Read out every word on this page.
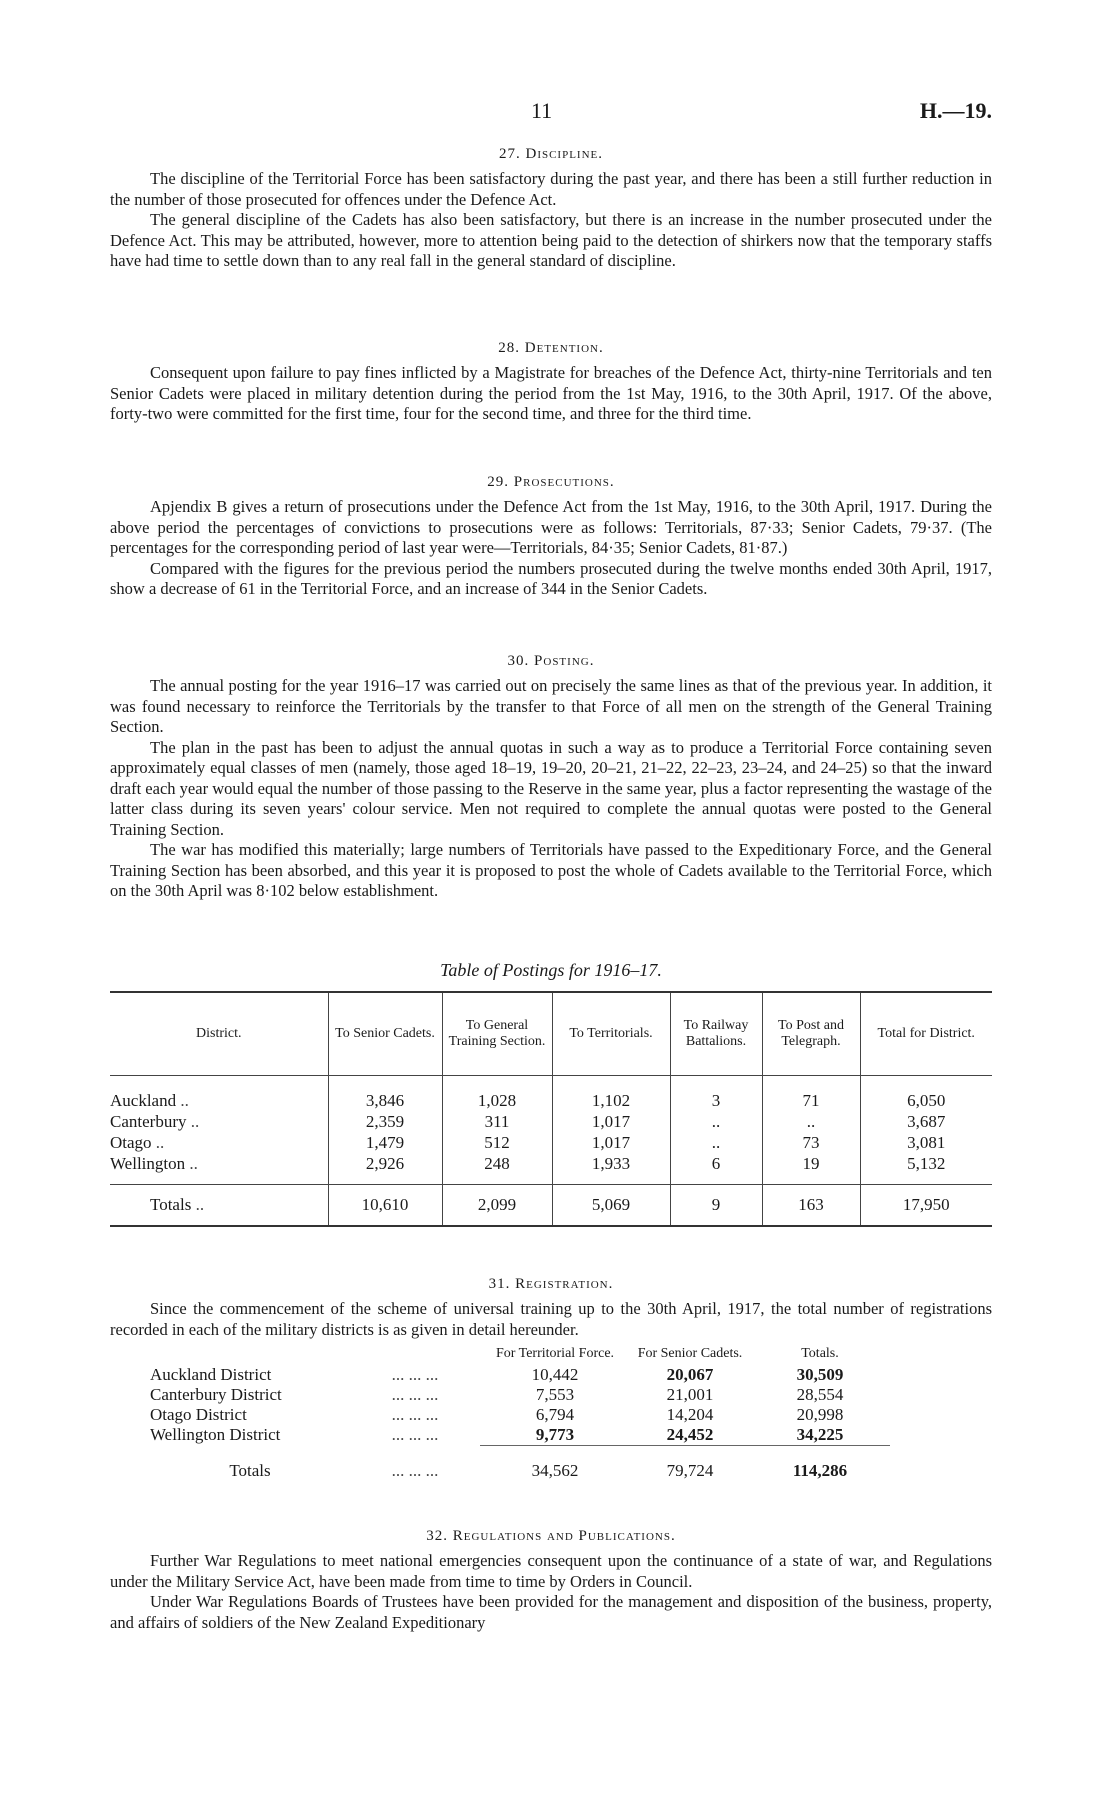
11	H.—19.
27. Discipline.

The discipline of the Territorial Force has been satisfactory during the past year, and there has been a still further reduction in the number of those prosecuted for offences under the Defence Act.

The general discipline of the Cadets has also been satisfactory, but there is an increase in the number prosecuted under the Defence Act. This may be attributed, however, more to attention being paid to the detection of shirkers now that the temporary staffs have had time to settle down than to any real fall in the general standard of discipline.

28. Detention.

Consequent upon failure to pay fines inflicted by a Magistrate for breaches of the Defence Act, thirty-nine Territorials and ten Senior Cadets were placed in military detention during the period from the 1st May, 1916, to the 30th April, 1917. Of the above, forty-two were committed for the first time, four for the second time, and three for the third time.

29. Prosecutions.

Apjendix B gives a return of prosecutions under the Defence Act from the 1st May, 1916, to the 30th April, 1917. During the above period the percentages of convictions to prosecutions were as follows: Territorials, 87·33; Senior Cadets, 79·37. (The percentages for the corresponding period of last year were—Territorials, 84·35; Senior Cadets, 81·87.)

Compared with the figures for the previous period the numbers prosecuted during the twelve months ended 30th April, 1917, show a decrease of 61 in the Territorial Force, and an increase of 344 in the Senior Cadets.

30. Posting.

The annual posting for the year 1916–17 was carried out on precisely the same lines as that of the previous year. In addition, it was found necessary to reinforce the Territorials by the transfer to that Force of all men on the strength of the General Training Section.

The plan in the past has been to adjust the annual quotas in such a way as to produce a Territorial Force containing seven approximately equal classes of men (namely, those aged 18–19, 19–20, 20–21, 21–22, 22–23, 23–24, and 24–25) so that the inward draft each year would equal the number of those passing to the Reserve in the same year, plus a factor representing the wastage of the latter class during its seven years' colour service. Men not required to complete the annual quotas were posted to the General Training Section.

The war has modified this materially; large numbers of Territorials have passed to the Expeditionary Force, and the General Training Section has been absorbed, and this year it is proposed to post the whole of Cadets available to the Territorial Force, which on the 30th April was 8·102 below establishment.

Table of Postings for 1916–17.
District.	To Senior Cadets.	To General Training Section.	To Territorials.	To Railway Battalions.	To Post and Telegraph.	Total for District.
Auckland ..	3,846	1,028	1,102	3	71	6,050
Canterbury ..	2,359	311	1,017	..	..	3,687
Otago ..	1,479	512	1,017	..	73	3,081
Wellington ..	2,926	248	1,933	6	19	5,132
Totals ..	10,610	2,099	5,069	9	163	17,950
31. Registration.

Since the commencement of the scheme of universal training up to the 30th April, 1917, the total number of registrations recorded in each of the military districts is as given in detail hereunder.

			For Territorial Force.	For Senior Cadets.	Totals.	
	Auckland District	... ... ...	10,442	20,067	30,509	
	Canterbury District	... ... ...	7,553	21,001	28,554	
	Otago District	... ... ...	6,794	14,204	20,998	
	Wellington District	... ... ...	9,773	24,452	34,225	
	Totals	... ... ...	34,562	79,724	114,286	
32. Regulations and Publications.

Further War Regulations to meet national emergencies consequent upon the continuance of a state of war, and Regulations under the Military Service Act, have been made from time to time by Orders in Council.

Under War Regulations Boards of Trustees have been provided for the management and disposition of the business, property, and affairs of soldiers of the New Zealand Expeditionary
